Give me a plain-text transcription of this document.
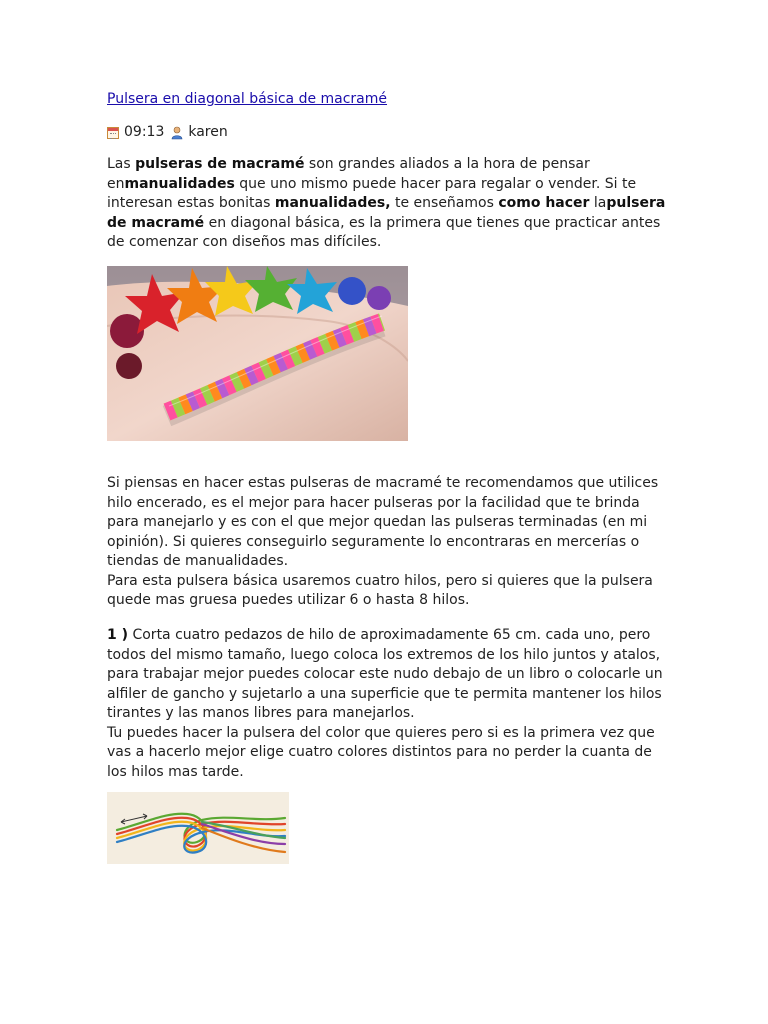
Pulsera en diagonal básica de macramé
09:13 karen

Las pulseras de macramé son grandes aliados a la hora de pensar enmanualidades que uno mismo puede hacer para regalar o vender. Si te interesan estas bonitas manualidades, te enseñamos como hacer lapulsera de macramé en diagonal básica, es la primera que tienes que practicar antes de comenzar con diseños mas difíciles.

Si piensas en hacer estas pulseras de macramé te recomendamos que utilices hilo encerado, es el mejor para hacer pulseras por la facilidad que te brinda para manejarlo y es con el que mejor quedan las pulseras terminadas (en mi opinión). Si quieres conseguirlo seguramente lo encontraras en mercerías o tiendas de manualidades.
Para esta pulsera básica usaremos cuatro hilos, pero si quieres que la pulsera quede mas gruesa puedes utilizar 6 o hasta 8 hilos.
1 ) Corta cuatro pedazos de hilo de aproximadamente 65 cm. cada uno, pero todos del mismo tamaño, luego coloca los extremos de los hilo juntos y atalos, para trabajar mejor puedes colocar este nudo debajo de un libro o colocarle un alfiler de gancho y sujetarlo a una superficie que te permita mantener los hilos tirantes y las manos libres para manejarlos.
Tu puedes hacer la pulsera del color que quieres pero si es la primera vez que vas a hacerlo mejor elige cuatro colores distintos para no perder la cuanta de los hilos mas tarde.
